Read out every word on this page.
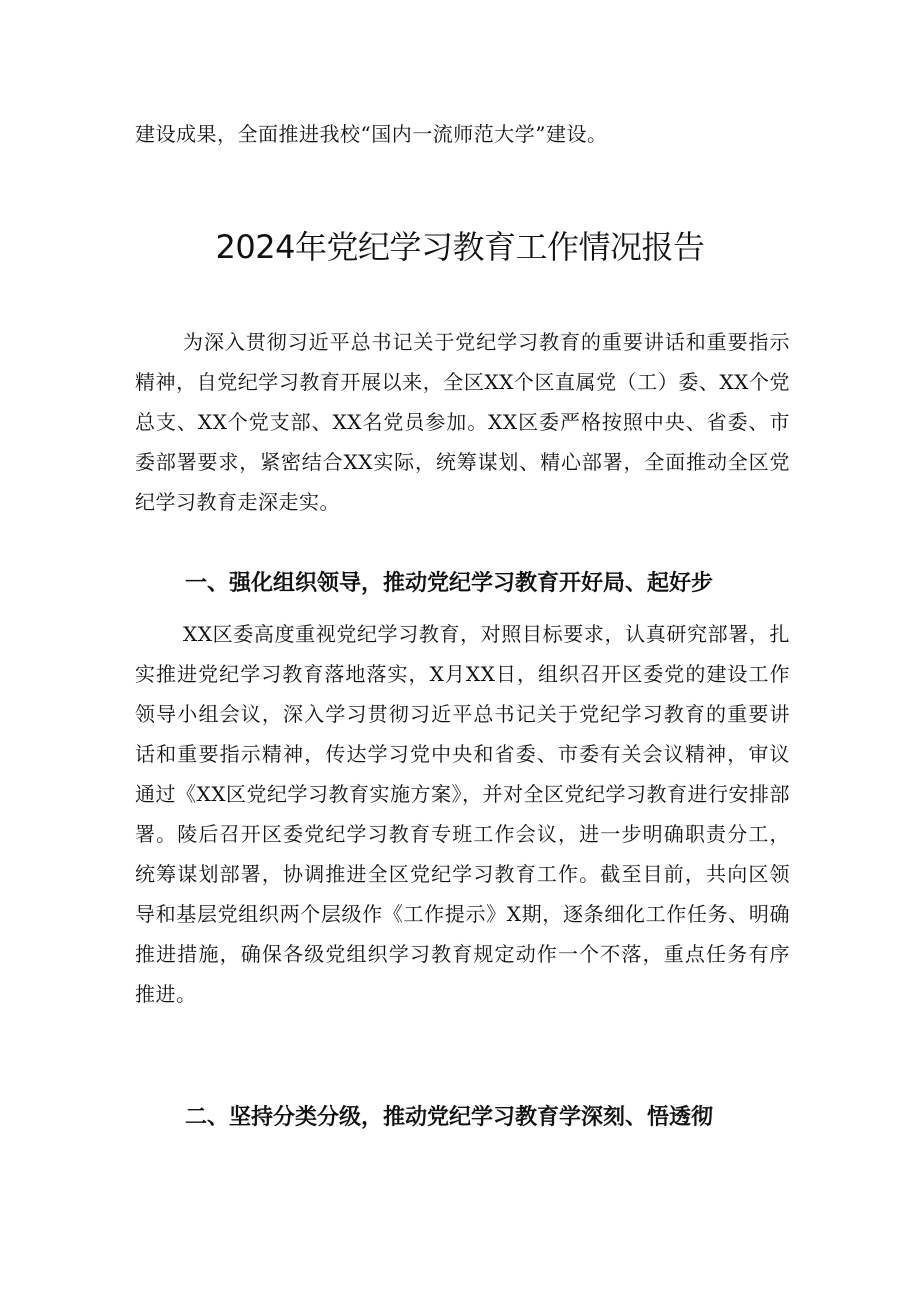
建设成果，全面推进我校“国内一流师范大学”建设。

2024年党纪学习教育工作情况报告

为深入贯彻习近平总书记关于党纪学习教育的重要讲话和重要指示精神，自党纪学习教育开展以来，全区XX个区直属党（工）委、XX个党总支、XX个党支部、XX名党员参加。XX区委严格按照中央、省委、市委部署要求，紧密结合XX实际，统筹谋划、精心部署，全面推动全区党纪学习教育走深走实。

一、强化组织领导，推动党纪学习教育开好局、起好步

XX区委高度重视党纪学习教育，对照目标要求，认真研究部署，扎实推进党纪学习教育落地落实，X月XX日，组织召开区委党的建设工作领导小组会议，深入学习贯彻习近平总书记关于党纪学习教育的重要讲话和重要指示精神，传达学习党中央和省委、市委有关会议精神，审议通过《XX区党纪学习教育实施方案》，并对全区党纪学习教育进行安排部署。陵后召开区委党纪学习教育专班工作会议，进一步明确职责分工，统筹谋划部署，协调推进全区党纪学习教育工作。截至目前，共向区领导和基层党组织两个层级作《工作提示》X期，逐条细化工作任务、明确推进措施，确保各级党组织学习教育规定动作一个不落，重点任务有序推进。

二、坚持分类分级，推动党纪学习教育学深刻、悟透彻
